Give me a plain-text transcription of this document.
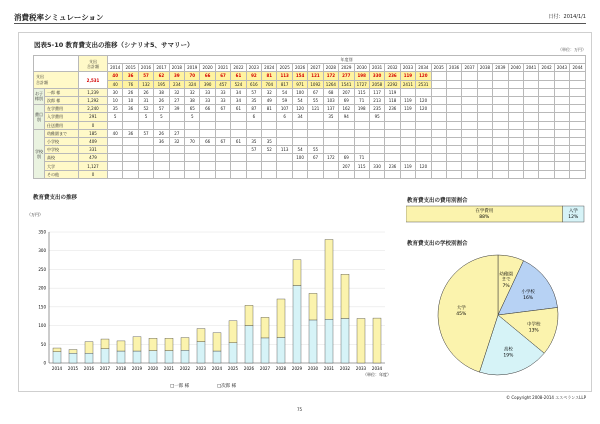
消費税率シミュレーション	日付：2014/1/1
図表5-10 教育費支出の推移（シナリオ5、サマリー）
（単位：万円）
		支出
合計額	年度別																														
			2014	2015	2016	2017	2018	2019	2020	2021	2022	2023	2024	2025	2026	2027	2028	2029	2030	2031	2032	2033	2034	2035	2036	2037	2038	2039	2040	2041	2042	2043	2044
支出
合計額		2,531	40	36	57	62	39	70	66	67	61	92	81	113	154	121	172	277	198	330	236	119	120										
			40	76	132	195	234	324	390	457	524	616	704	817	971	1092	1264	1541	1727	2058	2292	2411	2531										
お子
様別	一郎 様	1,239	30	26	26	38	32	32	33	33	34	57	32	54	100	67	68	207	115	117	119												
	次郎 様	1,292	10	10	31	26	27	38	33	33	34	35	49	59	54	55	103	69	71	213	118	119	120										
費目
別	在学費用	2,240	35	36	52	57	39	65	66	67	61	87	81	107	120	121	137	162	198	235	236	119	120										
	入学費用	291	5		5	5		5				6		6	34		35	94		95													
	仕送費用	0																															
学校
別	幼稚園まで	185	40	36	57	26	27																										
	小学校	409				36	32	70	66	67	61	35	35																				
	中学校	331										57	52	113	54	55																	
	高校	479													100	67	172	69	71														
	大学	1,127																207	115	330	236	119	120										
	その他	0																															
教育費支出の推移
（万円）
0
50
100
150
200
250
300
350
2014 2015 2016 2017 2018 2019 2020 2021 2022 2023 2024 2025 2026 2027 2028 2029 2030 2031 2032 2033 2034
（単位：年度）
□一郎 様	□次郎 様
教育費支出の費用別割合
在学費用
88%
入学
12%
教育費支出の学校別割合
幼稚園
まで
7%
小学校
16%
中学校
13%
高校
19%
大学
45%
© Copyright 2008-2014 エスペランスLLP
75
